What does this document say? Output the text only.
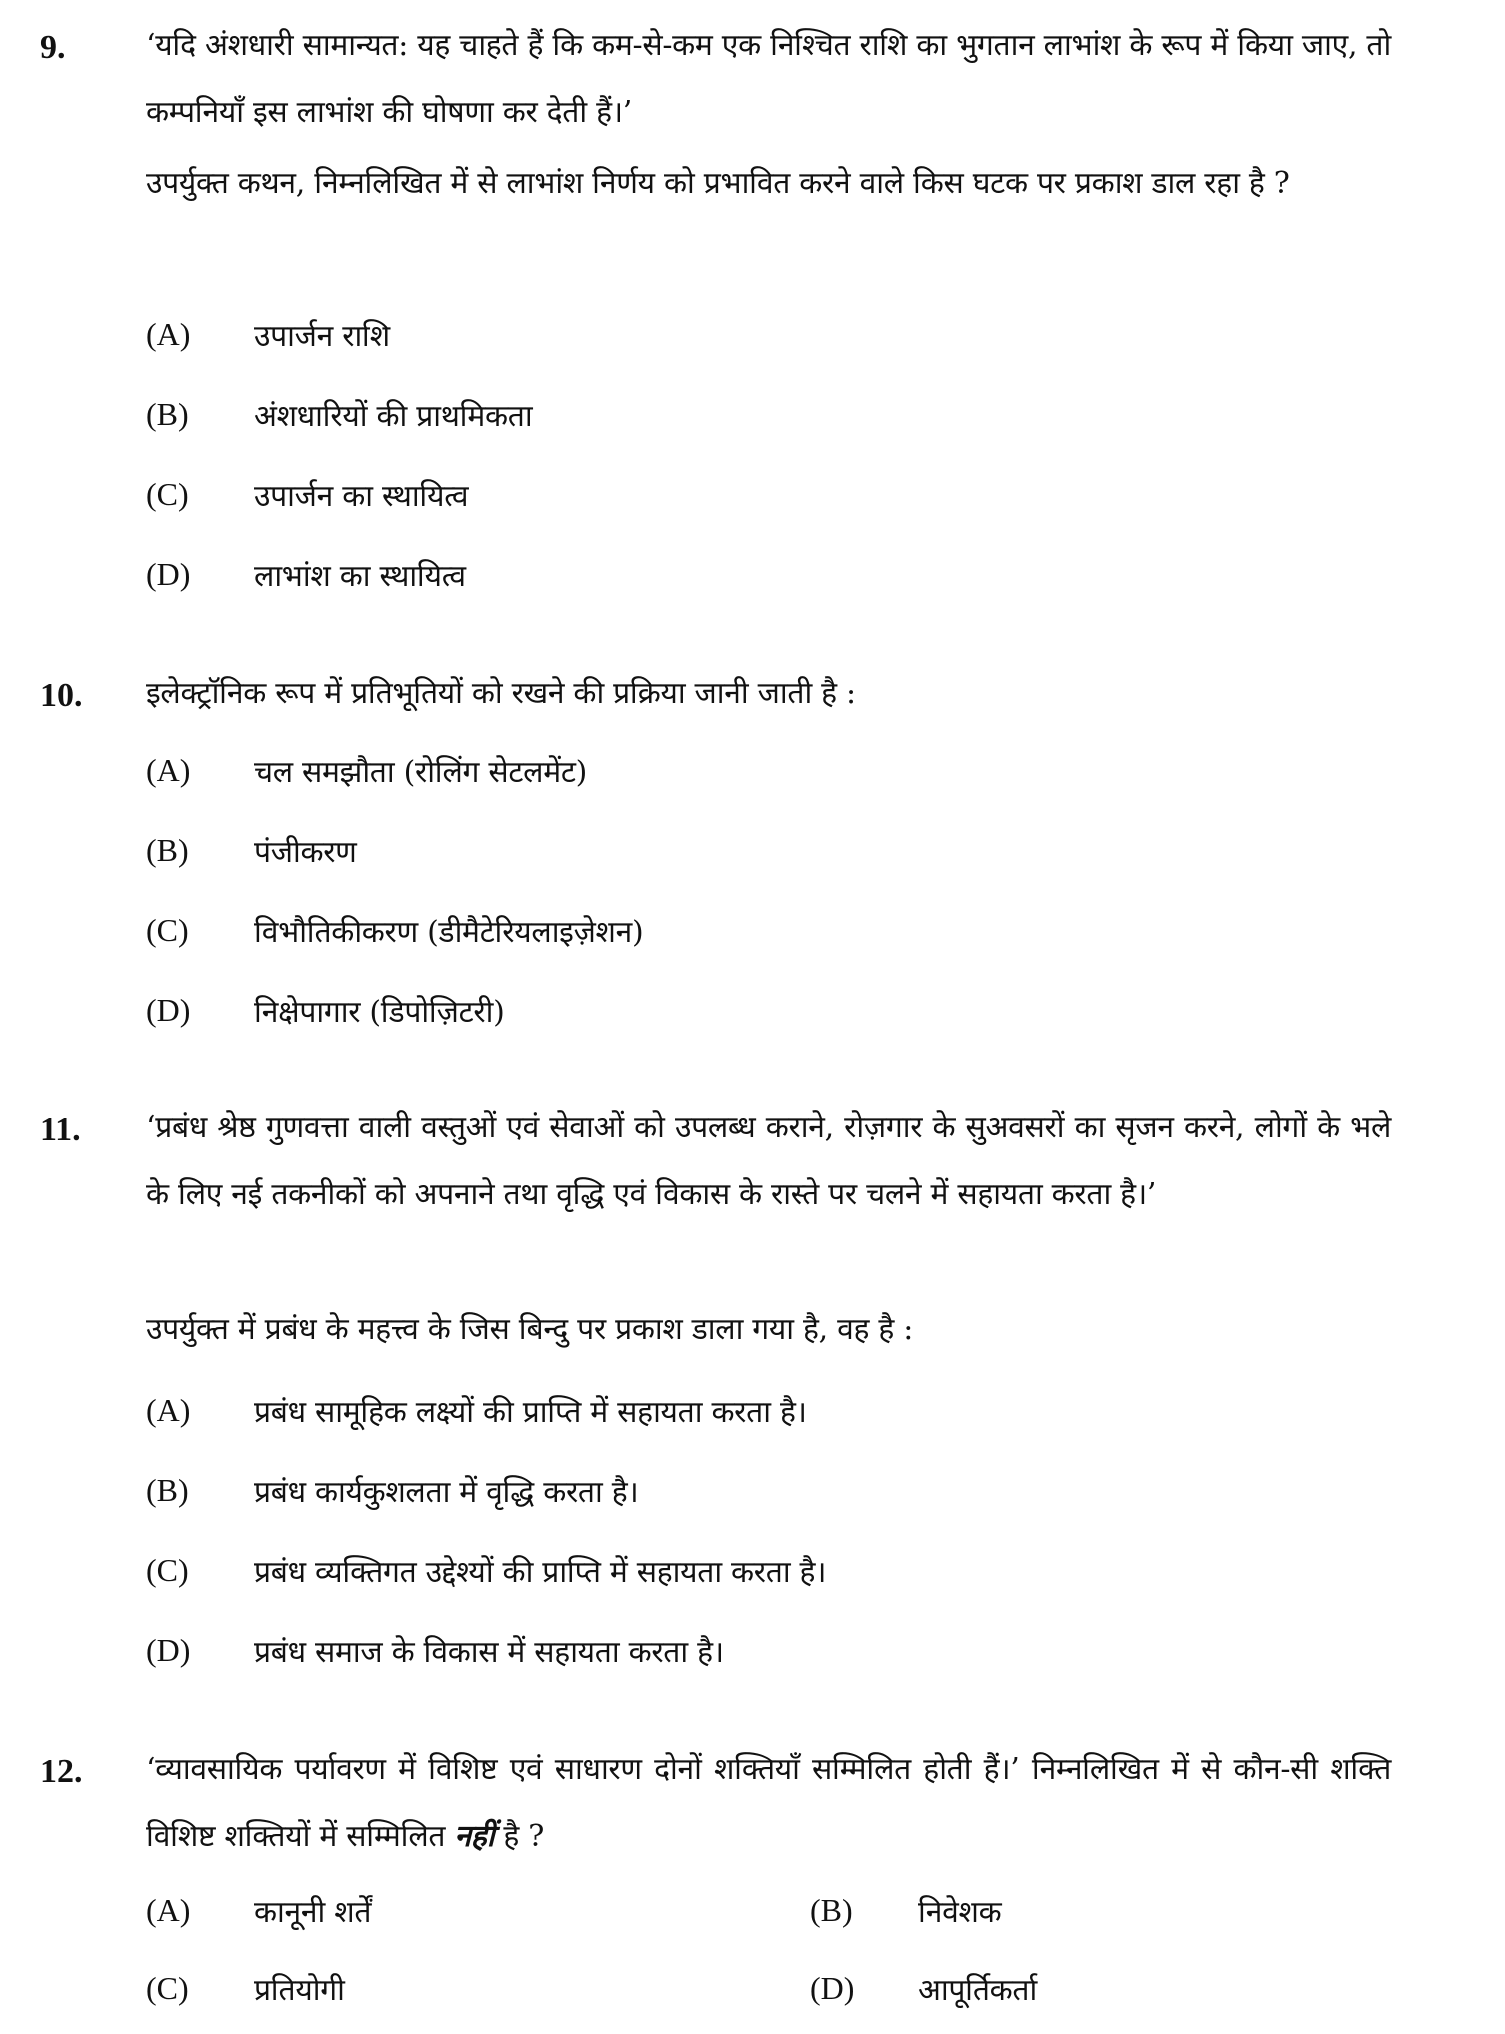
9.	‘यदि अंशधारी सामान्यत: यह चाहते हैं कि कम-से-कम एक निश्चित राशि का भुगतान लाभांश के रूप में किया जाए, तो कम्पनियाँ इस लाभांश की घोषणा कर देती हैं।’
उपर्युक्त कथन, निम्नलिखित में से लाभांश निर्णय को प्रभावित करने वाले किस घटक पर प्रकाश डाल रहा है ?
(A)	उपार्जन राशि
(B)	अंशधारियों की प्राथमिकता
(C)	उपार्जन का स्थायित्व
(D)	लाभांश का स्थायित्व
10. इलेक्ट्रॉनिक रूप में प्रतिभूतियों को रखने की प्रक्रिया जानी जाती है :
(A)	चल समझौता (रोलिंग सेटलमेंट)
(B)	पंजीकरण
(C)	विभौतिकीकरण (डीमैटेरियलाइज़ेशन)
(D)	निक्षेपागार (डिपोज़िटरी)
11. ‘प्रबंध श्रेष्ठ गुणवत्ता वाली वस्तुओं एवं सेवाओं को उपलब्ध कराने, रोज़गार के सुअवसरों का सृजन करने, लोगों के भले के लिए नई तकनीकों को अपनाने तथा वृद्धि एवं विकास के रास्ते पर चलने में सहायता करता है।’
उपर्युक्त में प्रबंध के महत्त्व के जिस बिन्दु पर प्रकाश डाला गया है, वह है :
(A)	प्रबंध सामूहिक लक्ष्यों की प्राप्ति में सहायता करता है।
(B)	प्रबंध कार्यकुशलता में वृद्धि करता है।
(C)	प्रबंध व्यक्तिगत उद्देश्यों की प्राप्ति में सहायता करता है।
(D)	प्रबंध समाज के विकास में सहायता करता है।
12. ‘व्यावसायिक पर्यावरण में विशिष्ट एवं साधारण दोनों शक्तियाँ सम्मिलित होती हैं।’ निम्नलिखित में से कौन-सी शक्ति विशिष्ट शक्तियों में सम्मिलित नहीं है ?
(A)	कानूनी शर्तें	(B)	निवेशक
(C)	प्रतियोगी	(D)	आपूर्तिकर्ता
